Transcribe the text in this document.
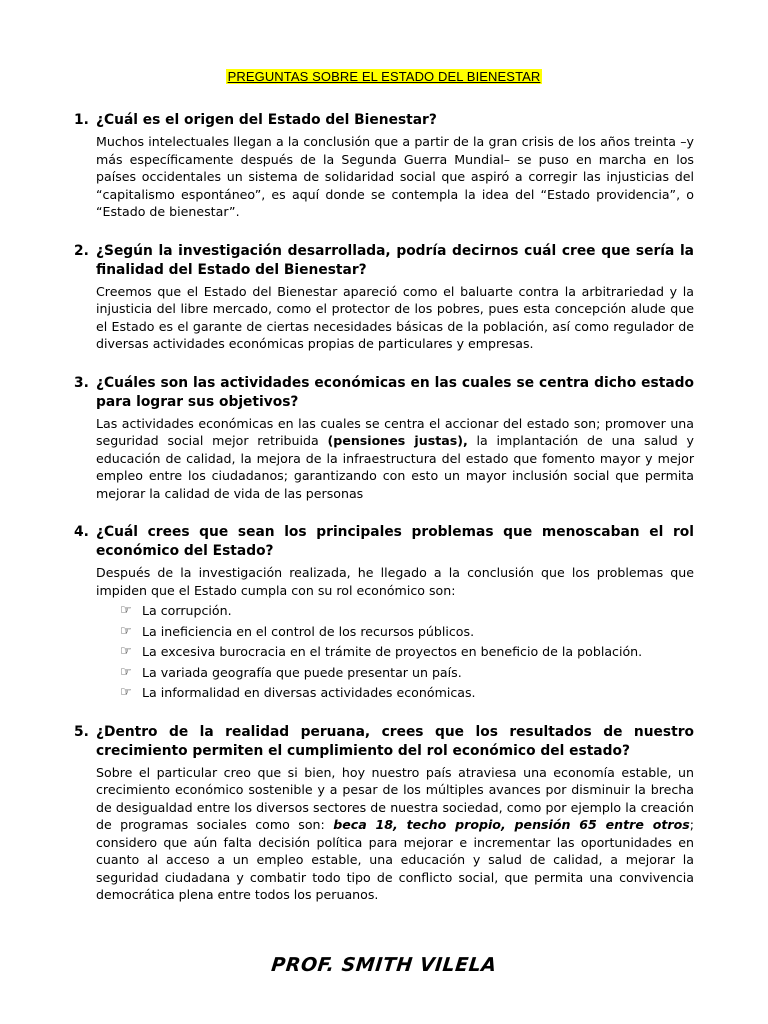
PREGUNTAS SOBRE EL ESTADO DEL BIENESTAR
1. ¿Cuál es el origen del Estado del Bienestar?
Muchos intelectuales llegan a la conclusión que a partir de la gran crisis de los años treinta –y más específicamente después de la Segunda Guerra Mundial– se puso en marcha en los países occidentales un sistema de solidaridad social que aspiró a corregir las injusticias del “capitalismo espontáneo”, es aquí donde se contempla la idea del “Estado providencia”, o “Estado de bienestar”.
2. ¿Según la investigación desarrollada, podría decirnos cuál cree que sería la finalidad del Estado del Bienestar?
Creemos que el Estado del Bienestar apareció como el baluarte contra la arbitrariedad y la injusticia del libre mercado, como el protector de los pobres, pues esta concepción alude que el Estado es el garante de ciertas necesidades básicas de la población, así como regulador de diversas actividades económicas propias de particulares y empresas.
3. ¿Cuáles son las actividades económicas en las cuales se centra dicho estado para lograr sus objetivos?
Las actividades económicas en las cuales se centra el accionar del estado son; promover una seguridad social mejor retribuida (pensiones justas), la implantación de una salud y educación de calidad, la mejora de la infraestructura del estado que fomento mayor y mejor empleo entre los ciudadanos; garantizando con esto un mayor inclusión social que permita mejorar la calidad de vida de las personas
4. ¿Cuál crees que sean los principales problemas que menoscaban el rol económico del Estado?
Después de la investigación realizada, he llegado a la conclusión que los problemas que impiden que el Estado cumpla con su rol económico son:
☞ La corrupción.
☞ La ineficiencia en el control de los recursos públicos.
☞ La excesiva burocracia en el trámite de proyectos en beneficio de la población.
☞ La variada geografía que puede presentar un país.
☞ La informalidad en diversas actividades económicas.
5. ¿Dentro de la realidad peruana, crees que los resultados de nuestro crecimiento permiten el cumplimiento del rol económico del estado?
Sobre el particular creo que si bien, hoy nuestro país atraviesa una economía estable, un crecimiento económico sostenible y a pesar de los múltiples avances por disminuir la brecha de desigualdad entre los diversos sectores de nuestra sociedad, como por ejemplo la creación de programas sociales como son: beca 18, techo propio, pensión 65 entre otros; considero que aún falta decisión política para mejorar e incrementar las oportunidades en cuanto al acceso a un empleo estable, una educación y salud de calidad, a mejorar la seguridad ciudadana y combatir todo tipo de conflicto social, que permita una convivencia democrática plena entre todos los peruanos.
PROF. SMITH VILELA
